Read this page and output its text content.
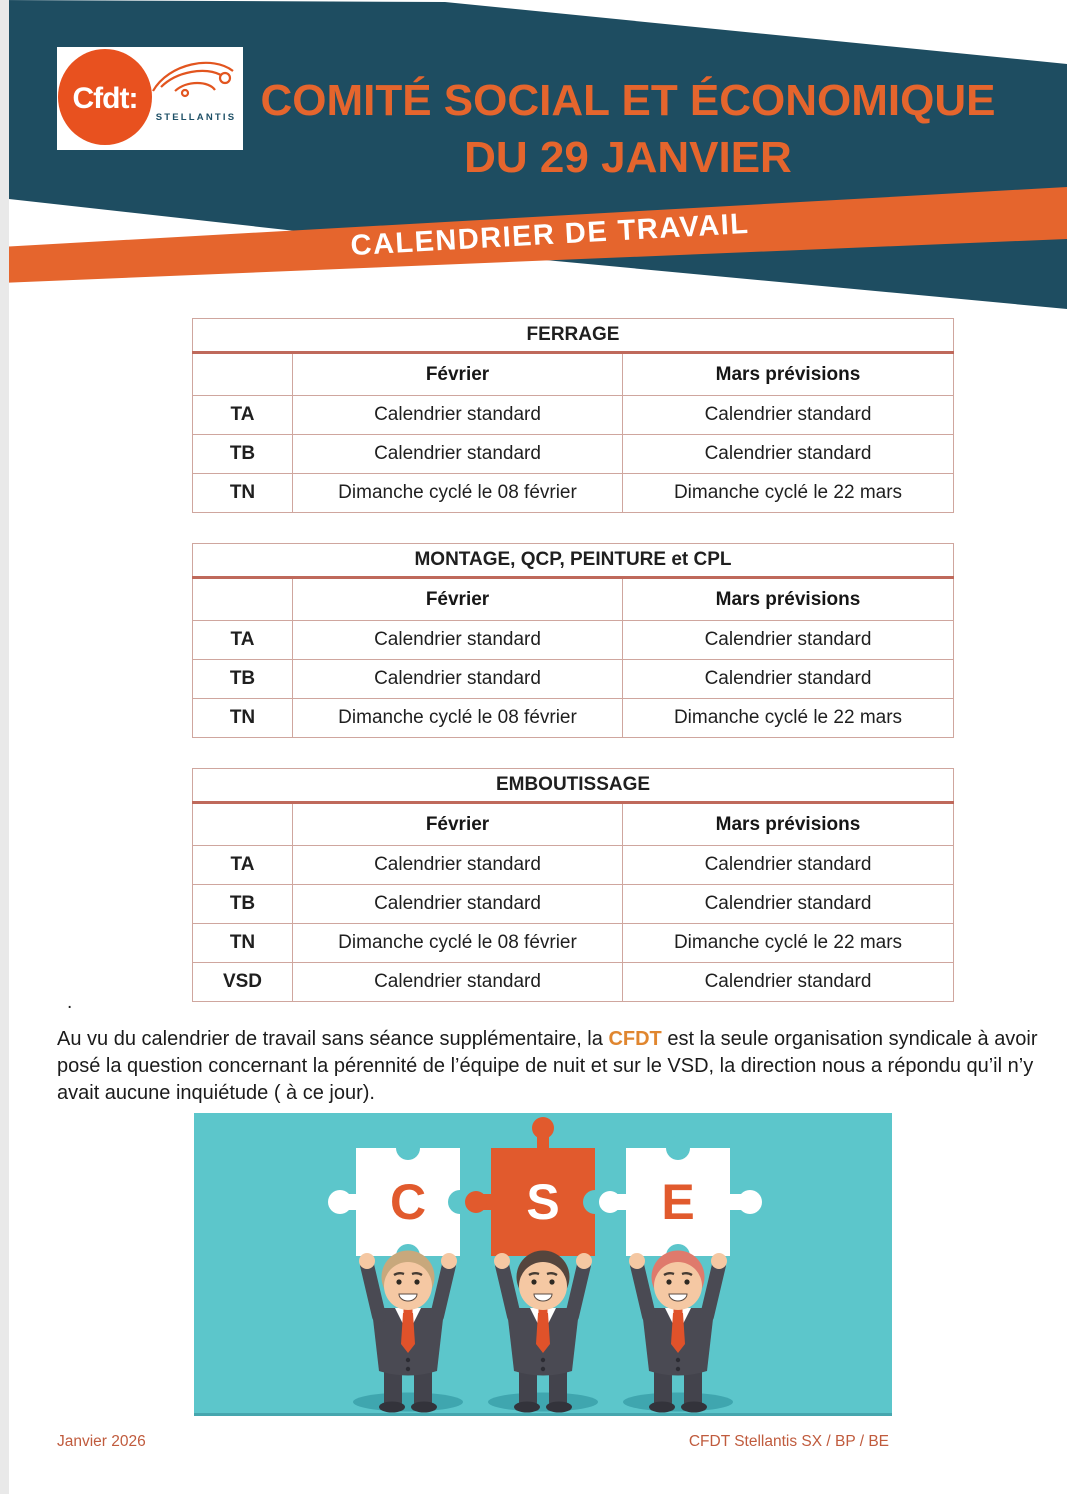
Cfdt:
STELLANTIS COMITÉ SOCIAL ET ÉCONOMIQUE
DU 29 JANVIER
CALENDRIER DE TRAVAIL
FERRAGE		
	Février	Mars prévisions
TA	Calendrier standard	Calendrier standard
TB	Calendrier standard	Calendrier standard
TN	Dimanche cyclé le 08 février	Dimanche cyclé le 22 mars
MONTAGE, QCP, PEINTURE et CPL		
	Février	Mars prévisions
TA	Calendrier standard	Calendrier standard
TB	Calendrier standard	Calendrier standard
TN	Dimanche cyclé le 08 février	Dimanche cyclé le 22 mars
EMBOUTISSAGE		
	Février	Mars prévisions
TA	Calendrier standard	Calendrier standard
TB	Calendrier standard	Calendrier standard
TN	Dimanche cyclé le 08 février	Dimanche cyclé le 22 mars
VSD	Calendrier standard	Calendrier standard
.
Au vu du calendrier de travail sans séance supplémentaire, la CFDT est la seule organisation syndicale à avoir posé la question concernant la pérennité de l’équipe de nuit et sur le VSD, la direction nous a répondu qu’il n’y avait aucune inquiétude ( à ce jour).
C S E
Janvier 2026	CFDT Stellantis SX / BP / BE
